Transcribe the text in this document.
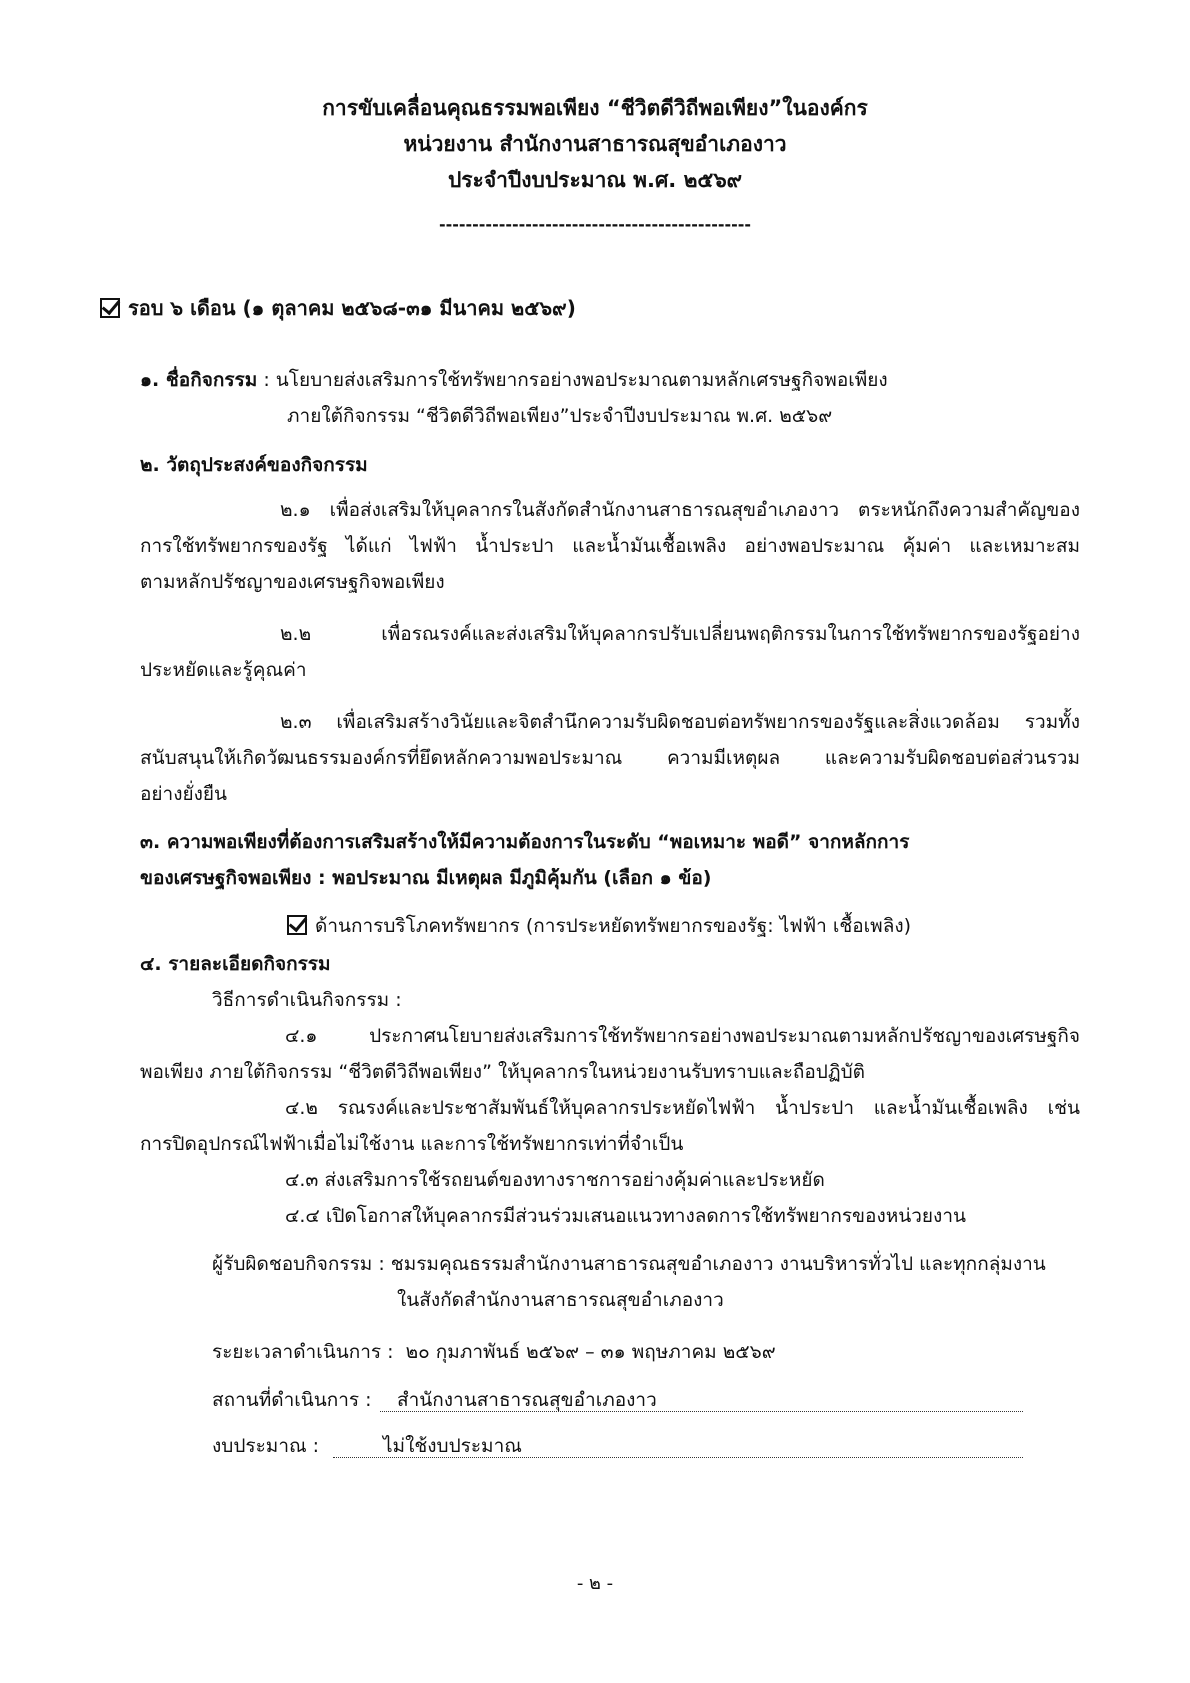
การขับเคลื่อนคุณธรรมพอเพียง “ชีวิตดีวิถีพอเพียง”ในองค์กร
หน่วยงาน สำนักงานสาธารณสุขอำเภองาว
ประจำปีงบประมาณ พ.ศ. ๒๕๖๙
-----------------------------------------------
รอบ ๖ เดือน (๑ ตุลาคม ๒๕๖๘-๓๑ มีนาคม ๒๕๖๙)
๑. ชื่อกิจกรรม : นโยบายส่งเสริมการใช้ทรัพยากรอย่างพอประมาณตามหลักเศรษฐกิจพอเพียง
ภายใต้กิจกรรม “ชีวิตดีวิถีพอเพียง”ประจำปีงบประมาณ พ.ศ. ๒๕๖๙
๒. วัตถุประสงค์ของกิจกรรม
๒.๑ เพื่อส่งเสริมให้บุคลากรในสังกัดสำนักงานสาธารณสุขอำเภองาว ตระหนักถึงความสำคัญของ
การใช้ทรัพยากรของรัฐ ได้แก่ ไฟฟ้า น้ำประปา และน้ำมันเชื้อเพลิง อย่างพอประมาณ คุ้มค่า และเหมาะสม
ตามหลักปรัชญาของเศรษฐกิจพอเพียง
๒.๒ เพื่อรณรงค์และส่งเสริมให้บุคลากรปรับเปลี่ยนพฤติกรรมในการใช้ทรัพยากรของรัฐอย่าง
ประหยัดและรู้คุณค่า
๒.๓ เพื่อเสริมสร้างวินัยและจิตสำนึกความรับผิดชอบต่อทรัพยากรของรัฐและสิ่งแวดล้อม รวมทั้ง
สนับสนุนให้เกิดวัฒนธรรมองค์กรที่ยึดหลักความพอประมาณ ความมีเหตุผล และความรับผิดชอบต่อส่วนรวม
อย่างยั่งยืน
๓. ความพอเพียงที่ต้องการเสริมสร้างให้มีความต้องการในระดับ “พอเหมาะ พอดี” จากหลักการ
ของเศรษฐกิจพอเพียง : พอประมาณ มีเหตุผล มีภูมิคุ้มกัน (เลือก ๑ ข้อ)
ด้านการบริโภคทรัพยากร (การประหยัดทรัพยากรของรัฐ: ไฟฟ้า เชื้อเพลิง)
๔. รายละเอียดกิจกรรม
วิธีการดำเนินกิจกรรม :
๔.๑ ประกาศนโยบายส่งเสริมการใช้ทรัพยากรอย่างพอประมาณตามหลักปรัชญาของเศรษฐกิจ
พอเพียง ภายใต้กิจกรรม “ชีวิตดีวิถีพอเพียง” ให้บุคลากรในหน่วยงานรับทราบและถือปฏิบัติ
๔.๒ รณรงค์และประชาสัมพันธ์ให้บุคลากรประหยัดไฟฟ้า น้ำประปา และน้ำมันเชื้อเพลิง เช่น
การปิดอุปกรณ์ไฟฟ้าเมื่อไม่ใช้งาน และการใช้ทรัพยากรเท่าที่จำเป็น
๔.๓ ส่งเสริมการใช้รถยนต์ของทางราชการอย่างคุ้มค่าและประหยัด
๔.๔ เปิดโอกาสให้บุคลากรมีส่วนร่วมเสนอแนวทางลดการใช้ทรัพยากรของหน่วยงาน
ผู้รับผิดชอบกิจกรรม : ชมรมคุณธรรมสำนักงานสาธารณสุขอำเภองาว งานบริหารทั่วไป และทุกกลุ่มงาน
ในสังกัดสำนักงานสาธารณสุขอำเภองาว
ระยะเวลาดำเนินการ : ๒๐ กุมภาพันธ์ ๒๕๖๙ – ๓๑ พฤษภาคม ๒๕๖๙
สถานที่ดำเนินการ : สำนักงานสาธารณสุขอำเภองาว
งบประมาณ :	ไม่ใช้งบประมาณ
- ๒ -
